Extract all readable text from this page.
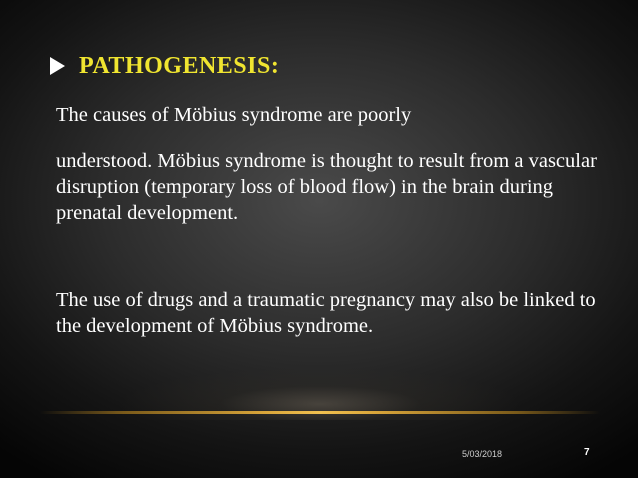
PATHOGENESIS:

The causes of Möbius syndrome are poorly

understood. Möbius syndrome is thought to result from a vascular disruption (temporary loss of blood flow) in the brain during prenatal development.

The use of drugs and a traumatic pregnancy may also be linked to the development of Möbius syndrome.

5/03/2018	7
